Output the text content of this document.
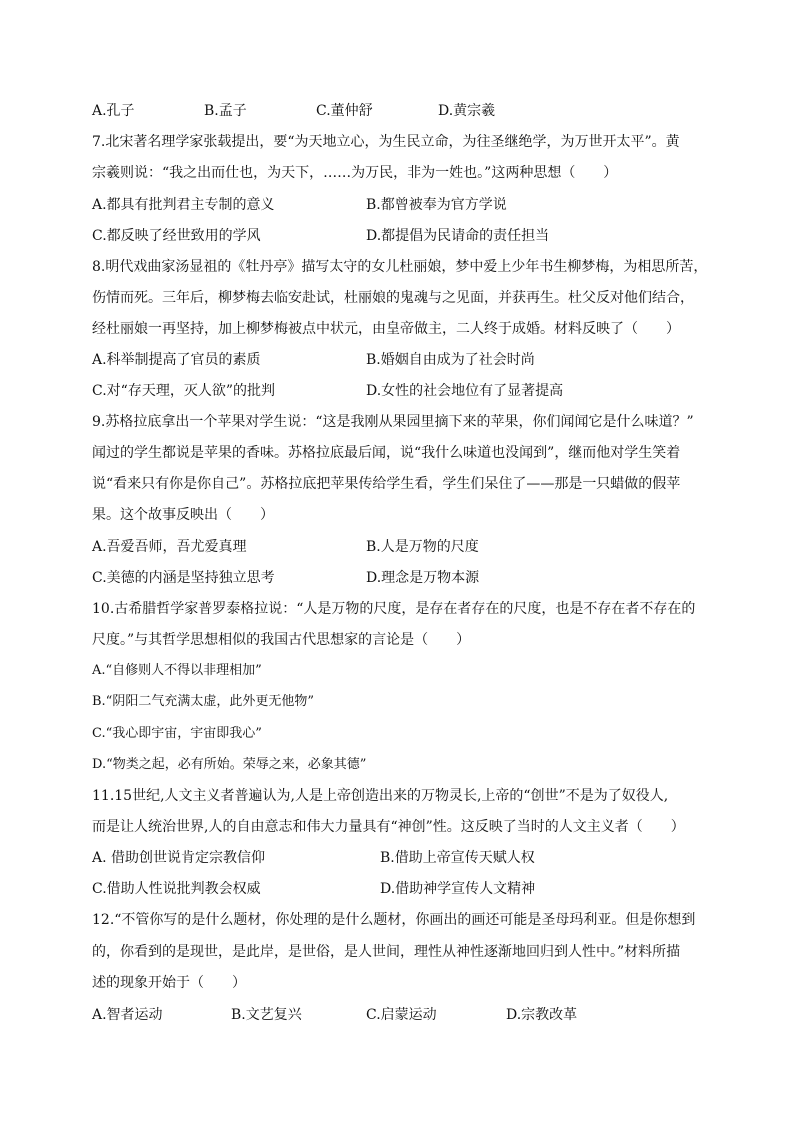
A.孔子	B.孟子	C.董仲舒	D.黄宗羲
7.北宋著名理学家张载提出，要“为天地立心，为生民立命，为往圣继绝学，为万世开太平”。黄
宗羲则说：“我之出而仕也，为天下，……为万民，非为一姓也。”这两种思想（　　）
A.都具有批判君主专制的意义	B.都曾被奉为官方学说
C.都反映了经世致用的学风	D.都提倡为民请命的责任担当
8.明代戏曲家汤显祖的《牡丹亭》描写太守的女儿杜丽娘，梦中爱上少年书生柳梦梅，为相思所苦，
伤情而死。三年后，柳梦梅去临安赴试，杜丽娘的鬼魂与之见面，并获再生。杜父反对他们结合，
经杜丽娘一再坚持，加上柳梦梅被点中状元，由皇帝做主，二人终于成婚。材料反映了（　　）
A.科举制提高了官员的素质	B.婚姻自由成为了社会时尚
C.对“存天理，灭人欲”的批判	D.女性的社会地位有了显著提高
9.苏格拉底拿出一个苹果对学生说：“这是我刚从果园里摘下来的苹果，你们闻闻它是什么味道？”
闻过的学生都说是苹果的香味。苏格拉底最后闻，说“我什么味道也没闻到”，继而他对学生笑着
说“看来只有你是你自己”。苏格拉底把苹果传给学生看，学生们呆住了——那是一只蜡做的假苹
果。这个故事反映出（　　）
A.吾爱吾师，吾尤爱真理	B.人是万物的尺度
C.美德的内涵是坚持独立思考	D.理念是万物本源
10.古希腊哲学家普罗泰格拉说：“人是万物的尺度，是存在者存在的尺度，也是不存在者不存在的
尺度。”与其哲学思想相似的我国古代思想家的言论是（　　）
A.“自修则人不得以非理相加”
B.“阴阳二气充满太虚，此外更无他物”
C.“我心即宇宙，宇宙即我心”
D.“物类之起，必有所始。荣辱之来，必象其德”
11.15世纪,人文主义者普遍认为,人是上帝创造出来的万物灵长,上帝的“创世”不是为了奴役人,
而是让人统治世界,人的自由意志和伟大力量具有“神创”性。这反映了当时的人文主义者（　　）
A. 借助创世说肯定宗教信仰	B.借助上帝宣传天赋人权
C.借助人性说批判教会权威	D.借助神学宣传人文精神
12.“不管你写的是什么题材，你处理的是什么题材，你画出的画还可能是圣母玛利亚。但是你想到
的，你看到的是现世，是此岸，是世俗，是人世间，理性从神性逐渐地回归到人性中。”材料所描
述的现象开始于（　　）
A.智者运动	B.文艺复兴	C.启蒙运动	D.宗教改革
